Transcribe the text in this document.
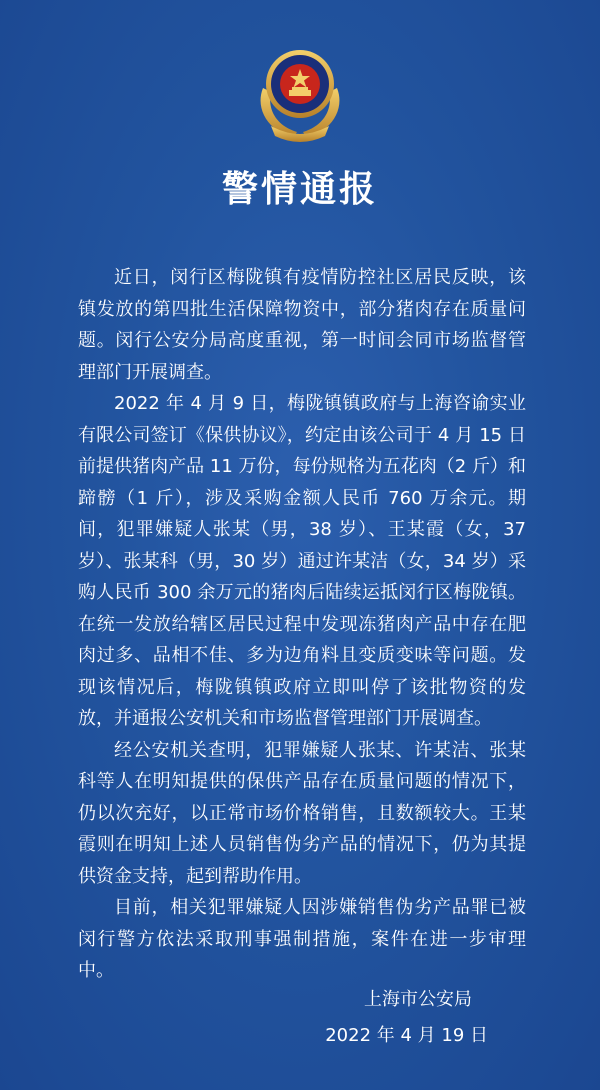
警情通报

近日，闵行区梅陇镇有疫情防控社区居民反映，该镇发放的第四批生活保障物资中，部分猪肉存在质量问题。闵行公安分局高度重视，第一时间会同市场监督管理部门开展调查。

2022 年 4 月 9 日，梅陇镇镇政府与上海咨谕实业有限公司签订《保供协议》，约定由该公司于 4 月 15 日前提供猪肉产品 11 万份，每份规格为五花肉（2 斤）和蹄髈（1 斤），涉及采购金额人民币 760 万余元。期间，犯罪嫌疑人张某（男，38 岁）、王某霞（女，37 岁）、张某科（男，30 岁）通过许某洁（女，34 岁）采购人民币 300 余万元的猪肉后陆续运抵闵行区梅陇镇。在统一发放给辖区居民过程中发现冻猪肉产品中存在肥肉过多、品相不佳、多为边角料且变质变味等问题。发现该情况后，梅陇镇镇政府立即叫停了该批物资的发放，并通报公安机关和市场监督管理部门开展调查。

经公安机关查明，犯罪嫌疑人张某、许某洁、张某科等人在明知提供的保供产品存在质量问题的情况下，仍以次充好，以正常市场价格销售，且数额较大。王某霞则在明知上述人员销售伪劣产品的情况下，仍为其提供资金支持，起到帮助作用。

目前，相关犯罪嫌疑人因涉嫌销售伪劣产品罪已被闵行警方依法采取刑事强制措施，案件在进一步审理中。

上海市公安局
2022 年 4 月 19 日
